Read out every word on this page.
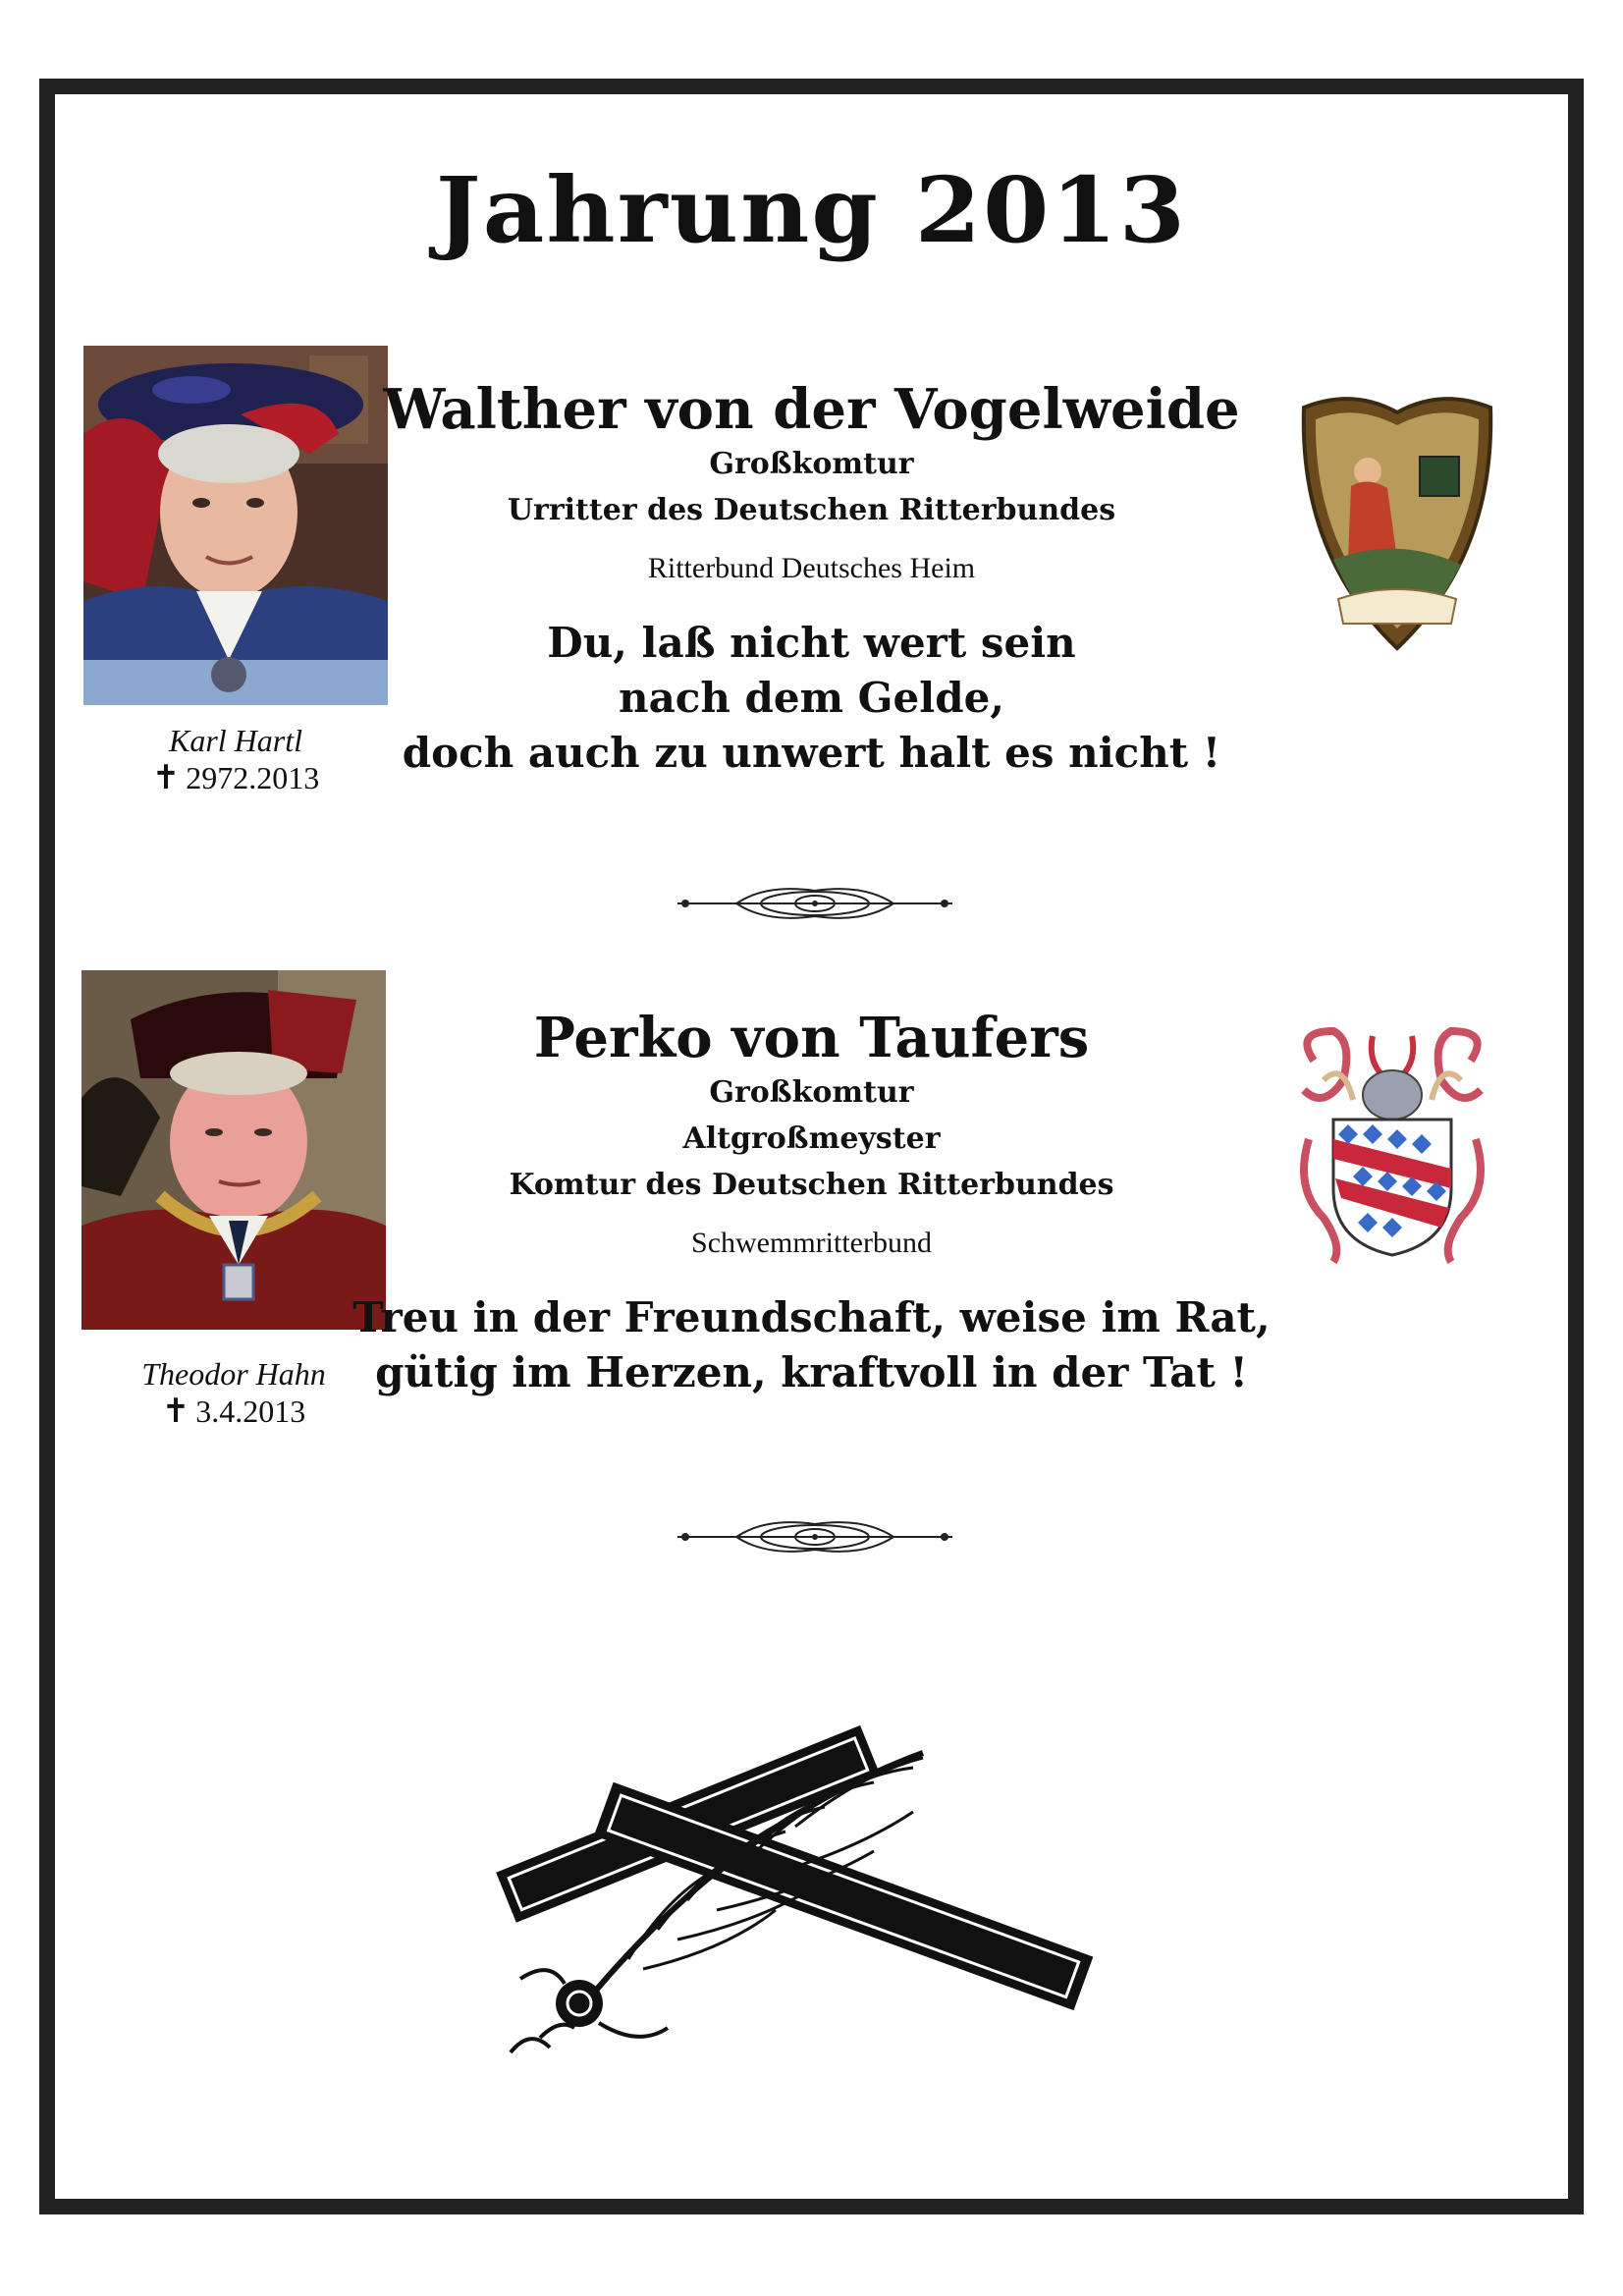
Jahrung 2013
Karl Hartl
✝ 2972.2013
Walther von der Vogelweide
Großkomtur
Urritter des Deutschen Ritterbundes
Ritterbund Deutsches Heim
Du, laß nicht wert sein
nach dem Gelde,
doch auch zu unwert halt es nicht !
Theodor Hahn
✝ 3.4.2013
Perko von Taufers
Großkomtur
Altgroßmeyster
Komtur des Deutschen Ritterbundes
Schwemmritterbund
Treu in der Freundschaft, weise im Rat,
gütig im Herzen, kraftvoll in der Tat !
